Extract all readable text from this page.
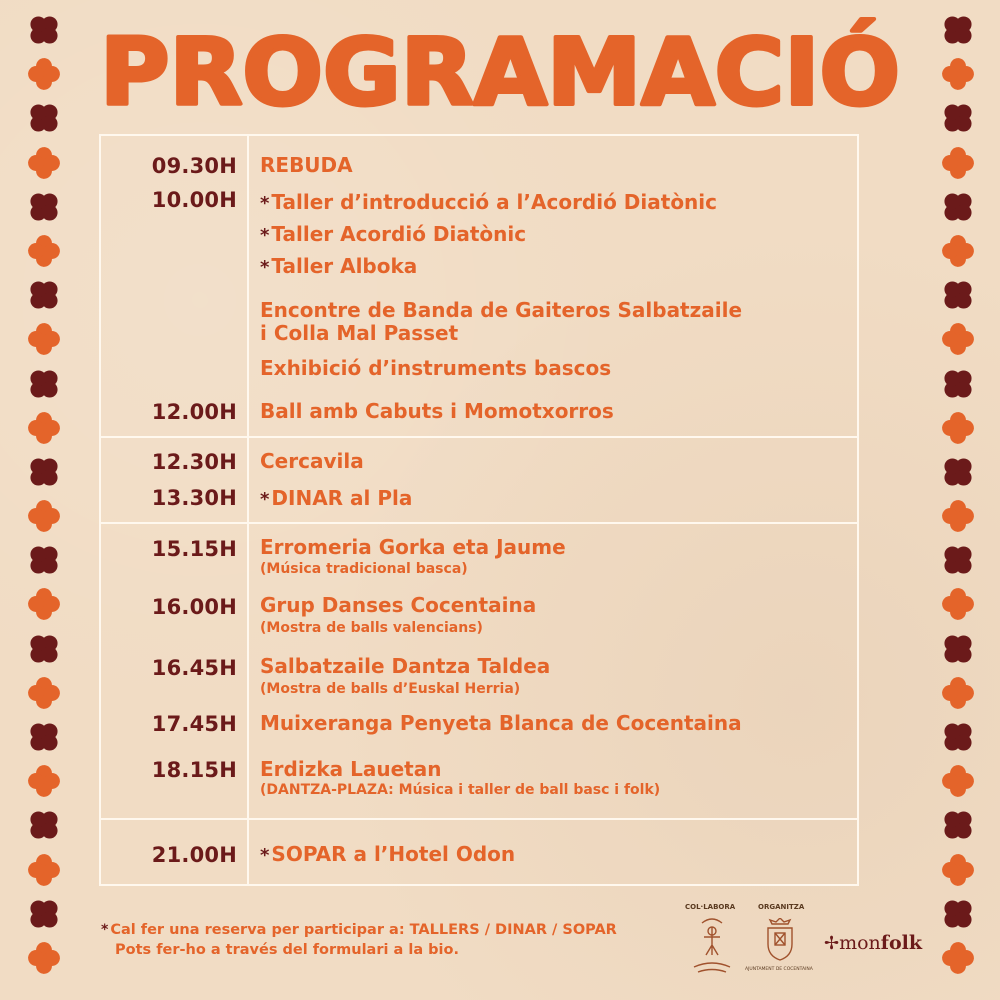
PROGRAMACIÓ
09.30H
10.00H
12.00H
12.30H
13.30H
15.15H
16.00H
16.45H
17.45H
18.15H
21.00H
REBUDA
* Taller d’introducció a l’Acordió Diatònic
* Taller Acordió Diatònic
* Taller Alboka
Encontre de Banda de Gaiteros Salbatzaile
i Colla Mal Passet
Exhibició d’instruments bascos
Ball amb Cabuts i Momotxorros
Cercavila
* DINAR al Pla
Erromeria Gorka eta Jaume
(Música tradicional basca)
Grup Danses Cocentaina
(Mostra de balls valencians)
Salbatzaile Dantza Taldea
(Mostra de balls d’Euskal Herria)
Muixeranga Penyeta Blanca de Cocentaina
Erdizka Lauetan
(DANTZA-PLAZA: Música i taller de ball basc i folk)
* SOPAR a l’Hotel Odon
* Cal fer una reserva per participar a: TALLERS / DINAR / SOPAR
Pots fer-ho a través del formulari a la bio.
COL·LABORA	ORGANITZA
AJUNTAMENT DE COCENTAINA
✢monfolk
